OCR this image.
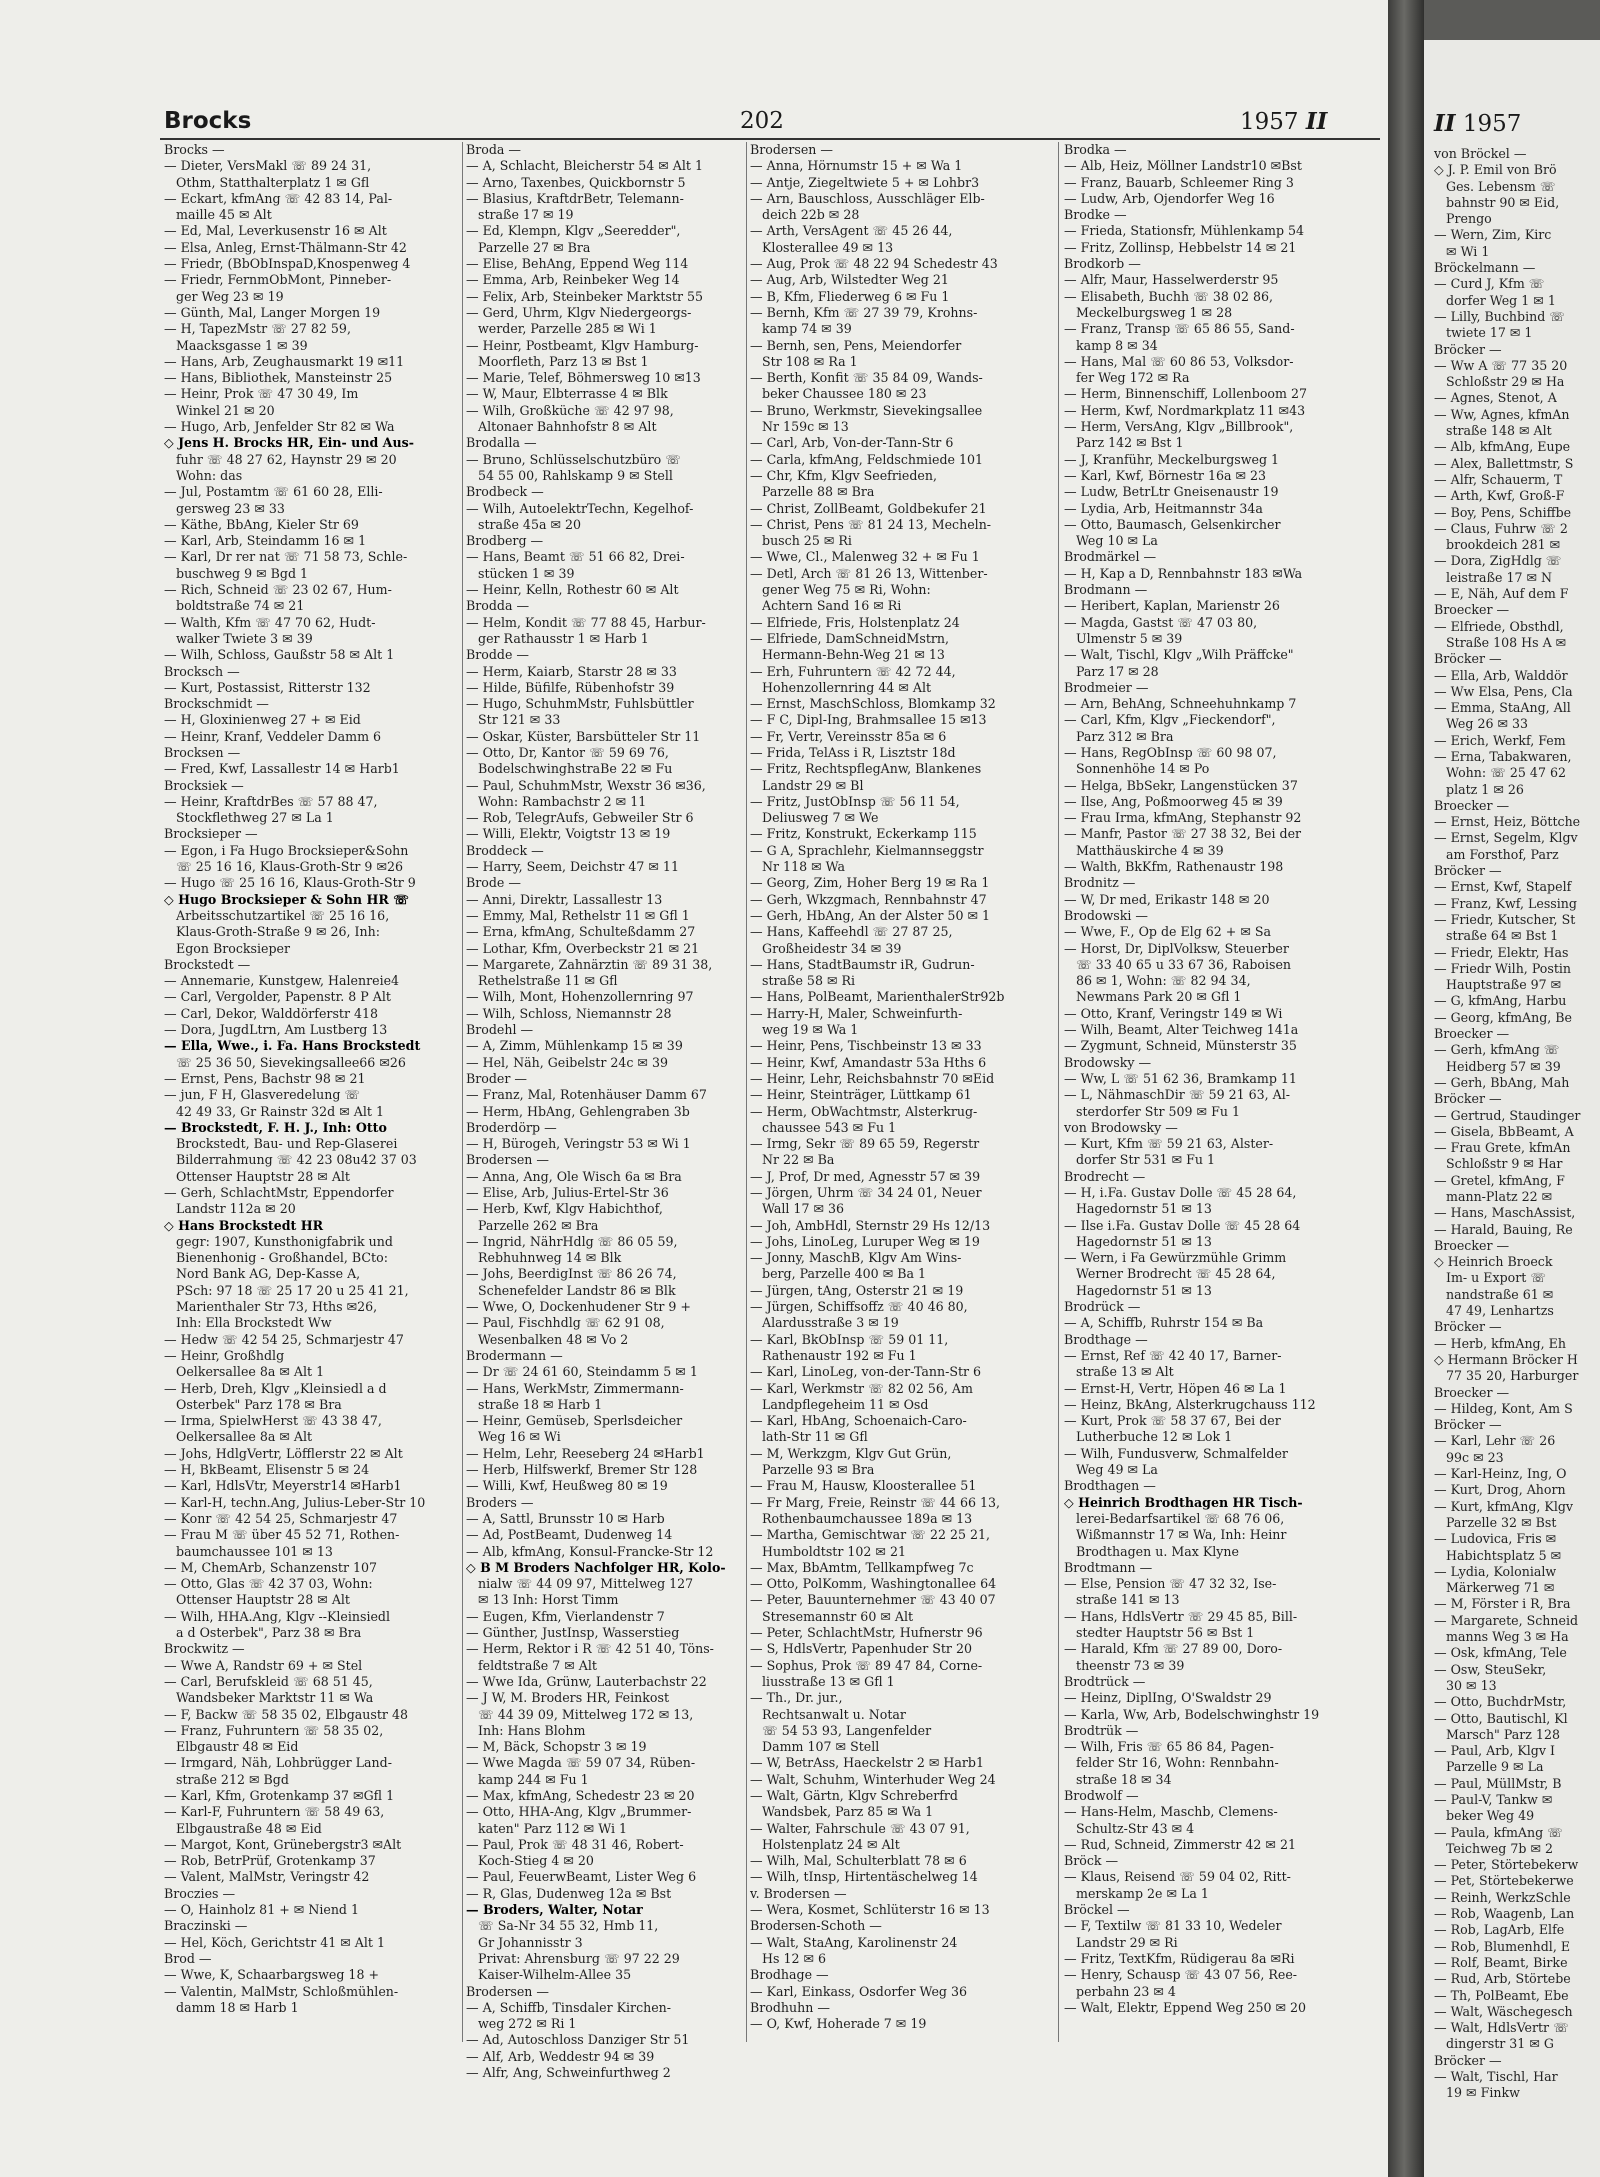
Brocks	202	1957 II
Brocks —
— Dieter, VersMakl ☏ 89 24 31,
Othm, Statthalterplatz 1 ✉ Gfl
— Eckart, kfmAng ☏ 42 83 14, Pal-
maille 45 ✉ Alt
— Ed, Mal, Leverkusenstr 16 ✉ Alt
— Elsa, Anleg, Ernst-Thälmann-Str 42
— Friedr, (BbObInspaD,Knospenweg 4
— Friedr, FernmObMont, Pinneber-
ger Weg 23 ✉ 19
— Günth, Mal, Langer Morgen 19
— H, TapezMstr ☏ 27 82 59,
Maacksgasse 1 ✉ 39
— Hans, Arb, Zeughausmarkt 19 ✉11
— Hans, Bibliothek, Mansteinstr 25
— Heinr, Prok ☏ 47 30 49, Im
Winkel 21 ✉ 20
— Hugo, Arb, Jenfelder Str 82 ✉ Wa
◇ Jens H. Brocks HR, Ein- und Aus-
fuhr ☏ 48 27 62, Haynstr 29 ✉ 20
Wohn: das
— Jul, Postamtm ☏ 61 60 28, Elli-
gersweg 23 ✉ 33
— Käthe, BbAng, Kieler Str 69
— Karl, Arb, Steindamm 16 ✉ 1
— Karl, Dr rer nat ☏ 71 58 73, Schle-
buschweg 9 ✉ Bgd 1
— Rich, Schneid ☏ 23 02 67, Hum-
boldtstraße 74 ✉ 21
— Walth, Kfm ☏ 47 70 62, Hudt-
walker Twiete 3 ✉ 39
— Wilh, Schloss, Gaußstr 58 ✉ Alt 1
Brocksch —
— Kurt, Postassist, Ritterstr 132
Brockschmidt —
— H, Gloxinienweg 27 + ✉ Eid
— Heinr, Kranf, Veddeler Damm 6
Brocksen —
— Fred, Kwf, Lassallestr 14 ✉ Harb1
Brocksiek —
— Heinr, KraftdrBes ☏ 57 88 47,
Stockflethweg 27 ✉ La 1
Brocksieper —
— Egon, i Fa Hugo Brocksieper&Sohn
☏ 25 16 16, Klaus-Groth-Str 9 ✉26
— Hugo ☏ 25 16 16, Klaus-Groth-Str 9
◇ Hugo Brocksieper & Sohn HR ☏
Arbeitsschutzartikel ☏ 25 16 16,
Klaus-Groth-Straße 9 ✉ 26, Inh:
Egon Brocksieper
Brockstedt —
— Annemarie, Kunstgew, Halenreie4
— Carl, Vergolder, Papenstr. 8 P Alt
— Carl, Dekor, Walddörferstr 418
— Dora, JugdLtrn, Am Lustberg 13
— Ella, Wwe., i. Fa. Hans Brockstedt
☏ 25 36 50, Sievekingsallee66 ✉26
— Ernst, Pens, Bachstr 98 ✉ 21
— jun, F H, Glasveredelung ☏
42 49 33, Gr Rainstr 32d ✉ Alt 1
— Brockstedt, F. H. J., Inh: Otto
Brockstedt, Bau- und Rep-Glaserei
Bilderrahmung ☏ 42 23 08u42 37 03
Ottenser Hauptstr 28 ✉ Alt
— Gerh, SchlachtMstr, Eppendorfer
Landstr 112a ✉ 20
◇ Hans Brockstedt HR
gegr: 1907, Kunsthonigfabrik und
Bienenhonig - Großhandel, BCto:
Nord Bank AG, Dep-Kasse A,
PSch: 97 18 ☏ 25 17 20 u 25 41 21,
Marienthaler Str 73, Hths ✉26,
Inh: Ella Brockstedt Ww
— Hedw ☏ 42 54 25, Schmarjestr 47
— Heinr, Großhdlg
Oelkersallee 8a ✉ Alt 1
— Herb, Dreh, Klgv „Kleinsiedl a d
Osterbek" Parz 178 ✉ Bra
— Irma, SpielwHerst ☏ 43 38 47,
Oelkersallee 8a ✉ Alt
— Johs, HdlgVertr, Löfflerstr 22 ✉ Alt
— H, BkBeamt, Elisenstr 5 ✉ 24
— Karl, HdlsVtr, Meyerstr14 ✉Harb1
— Karl-H, techn.Ang, Julius-Leber-Str 10
— Konr ☏ 42 54 25, Schmarjestr 47
— Frau M ☏ über 45 52 71, Rothen-
baumchaussee 101 ✉ 13
— M, ChemArb, Schanzenstr 107
— Otto, Glas ☏ 42 37 03, Wohn:
Ottenser Hauptstr 28 ✉ Alt
— Wilh, HHA.Ang, Klgv --Kleinsiedl
a d Osterbek", Parz 38 ✉ Bra
Brockwitz —
— Wwe A, Randstr 69 + ✉ Stel
— Carl, Berufskleid ☏ 68 51 45,
Wandsbeker Marktstr 11 ✉ Wa
— F, Backw ☏ 58 35 02, Elbgaustr 48
— Franz, Fuhruntern ☏ 58 35 02,
Elbgaustr 48 ✉ Eid
— Irmgard, Näh, Lohbrügger Land-
straße 212 ✉ Bgd
— Karl, Kfm, Grotenkamp 37 ✉Gfl 1
— Karl-F, Fuhruntern ☏ 58 49 63,
Elbgaustraße 48 ✉ Eid
— Margot, Kont, Grünebergstr3 ✉Alt
— Rob, BetrPrüf, Grotenkamp 37
— Valent, MalMstr, Veringstr 42
Broczies —
— O, Hainholz 81 + ✉ Niend 1
Braczinski —
— Hel, Köch, Gerichtstr 41 ✉ Alt 1
Brod —
— Wwe, K, Schaarbargsweg 18 +
— Valentin, MalMstr, Schloßmühlen-
damm 18 ✉ Harb 1
Broda —
— A, Schlacht, Bleicherstr 54 ✉ Alt 1
— Arno, Taxenbes, Quickbornstr 5
— Blasius, KraftdrBetr, Telemann-
straße 17 ✉ 19
— Ed, Klempn, Klgv „Seeredder",
Parzelle 27 ✉ Bra
— Elise, BehAng, Eppend Weg 114
— Emma, Arb, Reinbeker Weg 14
— Felix, Arb, Steinbeker Marktstr 55
— Gerd, Uhrm, Klgv Niedergeorgs-
werder, Parzelle 285 ✉ Wi 1
— Heinr, Postbeamt, Klgv Hamburg-
Moorfleth, Parz 13 ✉ Bst 1
— Marie, Telef, Böhmersweg 10 ✉13
— W, Maur, Elbterrasse 4 ✉ Blk
— Wilh, Großküche ☏ 42 97 98,
Altonaer Bahnhofstr 8 ✉ Alt
Brodalla —
— Bruno, Schlüsselschutzbüro ☏
54 55 00, Rahlskamp 9 ✉ Stell
Brodbeck —
— Wilh, AutoelektrTechn, Kegelhof-
straße 45a ✉ 20
Brodberg —
— Hans, Beamt ☏ 51 66 82, Drei-
stücken 1 ✉ 39
— Heinr, Kelln, Rothestr 60 ✉ Alt
Brodda —
— Helm, Kondit ☏ 77 88 45, Harbur-
ger Rathausstr 1 ✉ Harb 1
Brodde —
— Herm, Kaiarb, Starstr 28 ✉ 33
— Hilde, Büfilfe, Rübenhofstr 39
— Hugo, SchuhmMstr, Fuhlsbüttler
Str 121 ✉ 33
— Oskar, Küster, Barsbütteler Str 11
— Otto, Dr, Kantor ☏ 59 69 76,
BodelschwinghstraBe 22 ✉ Fu
— Paul, SchuhmMstr, Wexstr 36 ✉36,
Wohn: Rambachstr 2 ✉ 11
— Rob, TelegrAufs, Gebweiler Str 6
— Willi, Elektr, Voigtstr 13 ✉ 19
Broddeck —
— Harry, Seem, Deichstr 47 ✉ 11
Brode —
— Anni, Direktr, Lassallestr 13
— Emmy, Mal, Rethelstr 11 ✉ Gfl 1
— Erna, kfmAng, Schulteßdamm 27
— Lothar, Kfm, Overbeckstr 21 ✉ 21
— Margarete, Zahnärztin ☏ 89 31 38,
Rethelstraße 11 ✉ Gfl
— Wilh, Mont, Hohenzollernring 97
— Wilh, Schloss, Niemannstr 28
Brodehl —
— A, Zimm, Mühlenkamp 15 ✉ 39
— Hel, Näh, Geibelstr 24c ✉ 39
Broder —
— Franz, Mal, Rotenhäuser Damm 67
— Herm, HbAng, Gehlengraben 3b
Broderdörp —
— H, Bürogeh, Veringstr 53 ✉ Wi 1
Brodersen —
— Anna, Ang, Ole Wisch 6a ✉ Bra
— Elise, Arb, Julius-Ertel-Str 36
— Herb, Kwf, Klgv Habichthof,
Parzelle 262 ✉ Bra
— Ingrid, NährHdlg ☏ 86 05 59,
Rebhuhnweg 14 ✉ Blk
— Johs, BeerdigInst ☏ 86 26 74,
Schenefelder Landstr 86 ✉ Blk
— Wwe, O, Dockenhudener Str 9 +
— Paul, Fischhdlg ☏ 62 91 08,
Wesenbalken 48 ✉ Vo 2
Brodermann —
— Dr ☏ 24 61 60, Steindamm 5 ✉ 1
— Hans, WerkMstr, Zimmermann-
straße 18 ✉ Harb 1
— Heinr, Gemüseb, Sperlsdeicher
Weg 16 ✉ Wi
— Helm, Lehr, Reeseberg 24 ✉Harb1
— Herb, Hilfswerkf, Bremer Str 128
— Willi, Kwf, Heußweg 80 ✉ 19
Broders —
— A, Sattl, Brunsstr 10 ✉ Harb
— Ad, PostBeamt, Dudenweg 14
— Alb, kfmAng, Konsul-Francke-Str 12
◇ B M Broders Nachfolger HR, Kolo-
nialw ☏ 44 09 97, Mittelweg 127
✉ 13 Inh: Horst Timm
— Eugen, Kfm, Vierlandenstr 7
— Günther, JustInsp, Wasserstieg
— Herm, Rektor i R ☏ 42 51 40, Töns-
feldtstraße 7 ✉ Alt
— Wwe Ida, Grünw, Lauterbachstr 22
— J W, M. Broders HR, Feinkost
☏ 44 39 09, Mittelweg 172 ✉ 13,
Inh: Hans Blohm
— M, Bäck, Schopstr 3 ✉ 19
— Wwe Magda ☏ 59 07 34, Rüben-
kamp 244 ✉ Fu 1
— Max, kfmAng, Schedestr 23 ✉ 20
— Otto, HHA-Ang, Klgv „Brummer-
katen" Parz 112 ✉ Wi 1
— Paul, Prok ☏ 48 31 46, Robert-
Koch-Stieg 4 ✉ 20
— Paul, FeuerwBeamt, Lister Weg 6
— R, Glas, Dudenweg 12a ✉ Bst
— Broders, Walter, Notar
☏ Sa-Nr 34 55 32, Hmb 11,
Gr Johannisstr 3
Privat: Ahrensburg ☏ 97 22 29
Kaiser-Wilhelm-Allee 35
Brodersen —
— A, Schiffb, Tinsdaler Kirchen-
weg 272 ✉ Ri 1
— Ad, Autoschloss Danziger Str 51
— Alf, Arb, Weddestr 94 ✉ 39
— Alfr, Ang, Schweinfurthweg 2
Brodersen —
— Anna, Hörnumstr 15 + ✉ Wa 1
— Antje, Ziegeltwiete 5 + ✉ Lohbr3
— Arn, Bauschloss, Ausschläger Elb-
deich 22b ✉ 28
— Arth, VersAgent ☏ 45 26 44,
Klosterallee 49 ✉ 13
— Aug, Prok ☏ 48 22 94 Schedestr 43
— Aug, Arb, Wilstedter Weg 21
— B, Kfm, Fliederweg 6 ✉ Fu 1
— Bernh, Kfm ☏ 27 39 79, Krohns-
kamp 74 ✉ 39
— Bernh, sen, Pens, Meiendorfer
Str 108 ✉ Ra 1
— Berth, Konfit ☏ 35 84 09, Wands-
beker Chaussee 180 ✉ 23
— Bruno, Werkmstr, Sievekingsallee
Nr 159c ✉ 13
— Carl, Arb, Von-der-Tann-Str 6
— Carla, kfmAng, Feldschmiede 101
— Chr, Kfm, Klgv Seefrieden,
Parzelle 88 ✉ Bra
— Christ, ZollBeamt, Goldbekufer 21
— Christ, Pens ☏ 81 24 13, Mecheln-
busch 25 ✉ Ri
— Wwe, Cl., Malenweg 32 + ✉ Fu 1
— Detl, Arch ☏ 81 26 13, Wittenber-
gener Weg 75 ✉ Ri, Wohn:
Achtern Sand 16 ✉ Ri
— Elfriede, Fris, Holstenplatz 24
— Elfriede, DamSchneidMstrn,
Hermann-Behn-Weg 21 ✉ 13
— Erh, Fuhruntern ☏ 42 72 44,
Hohenzollernring 44 ✉ Alt
— Ernst, MaschSchloss, Blomkamp 32
— F C, Dipl-Ing, Brahmsallee 15 ✉13
— Fr, Vertr, Vereinsstr 85a ✉ 6
— Frida, TelAss i R, Lisztstr 18d
— Fritz, RechtspflegAnw, Blankenes
Landstr 29 ✉ Bl
— Fritz, JustObInsp ☏ 56 11 54,
Deliusweg 7 ✉ We
— Fritz, Konstrukt, Eckerkamp 115
— G A, Sprachlehr, Kielmannseggstr
Nr 118 ✉ Wa
— Georg, Zim, Hoher Berg 19 ✉ Ra 1
— Gerh, Wkzgmach, Rennbahnstr 47
— Gerh, HbAng, An der Alster 50 ✉ 1
— Hans, Kaffeehdl ☏ 27 87 25,
Großheidestr 34 ✉ 39
— Hans, StadtBaumstr iR, Gudrun-
straße 58 ✉ Ri
— Hans, PolBeamt, MarienthalerStr92b
— Harry-H, Maler, Schweinfurth-
weg 19 ✉ Wa 1
— Heinr, Pens, Tischbeinstr 13 ✉ 33
— Heinr, Kwf, Amandastr 53a Hths 6
— Heinr, Lehr, Reichsbahnstr 70 ✉Eid
— Heinr, Steinträger, Lüttkamp 61
— Herm, ObWachtmstr, Alsterkrug-
chaussee 543 ✉ Fu 1
— Irmg, Sekr ☏ 89 65 59, Regerstr
Nr 22 ✉ Ba
— J, Prof, Dr med, Agnesstr 57 ✉ 39
— Jörgen, Uhrm ☏ 34 24 01, Neuer
Wall 17 ✉ 36
— Joh, AmbHdl, Sternstr 29 Hs 12/13
— Johs, LinoLeg, Luruper Weg ✉ 19
— Jonny, MaschB, Klgv Am Wins-
berg, Parzelle 400 ✉ Ba 1
— Jürgen, tAng, Osterstr 21 ✉ 19
— Jürgen, Schiffsoffz ☏ 40 46 80,
Alardusstraße 3 ✉ 19
— Karl, BkObInsp ☏ 59 01 11,
Rathenaustr 192 ✉ Fu 1
— Karl, LinoLeg, von-der-Tann-Str 6
— Karl, Werkmstr ☏ 82 02 56, Am
Landpflegeheim 11 ✉ Osd
— Karl, HbAng, Schoenaich-Caro-
lath-Str 11 ✉ Gfl
— M, Werkzgm, Klgv Gut Grün,
Parzelle 93 ✉ Bra
— Frau M, Hausw, Kloosterallee 51
— Fr Marg, Freie, Reinstr ☏ 44 66 13,
Rothenbaumchaussee 189a ✉ 13
— Martha, Gemischtwar ☏ 22 25 21,
Humboldtstr 102 ✉ 21
— Max, BbAmtm, Tellkampfweg 7c
— Otto, PolKomm, Washingtonallee 64
— Peter, Bauunternehmer ☏ 43 40 07
Stresemannstr 60 ✉ Alt
— Peter, SchlachtMstr, Hufnerstr 96
— S, HdlsVertr, Papenhuder Str 20
— Sophus, Prok ☏ 89 47 84, Corne-
liusstraße 13 ✉ Gfl 1
— Th., Dr. jur.,
Rechtsanwalt u. Notar
☏ 54 53 93, Langenfelder
Damm 107 ✉ Stell
— W, BetrAss, Haeckelstr 2 ✉ Harb1
— Walt, Schuhm, Winterhuder Weg 24
— Walt, Gärtn, Klgv Schreberfrd
Wandsbek, Parz 85 ✉ Wa 1
— Walter, Fahrschule ☏ 43 07 91,
Holstenplatz 24 ✉ Alt
— Wilh, Mal, Schulterblatt 78 ✉ 6
— Wilh, tInsp, Hirtentäschelweg 14
v. Brodersen —
— Wera, Kosmet, Schlüterstr 16 ✉ 13
Brodersen-Schoth —
— Walt, StaAng, Karolinenstr 24
Hs 12 ✉ 6
Brodhage —
— Karl, Einkass, Osdorfer Weg 36
Brodhuhn —
— O, Kwf, Hoherade 7 ✉ 19
Brodka —
— Alb, Heiz, Möllner Landstr10 ✉Bst
— Franz, Bauarb, Schleemer Ring 3
— Ludw, Arb, Ojendorfer Weg 16
Brodke —
— Frieda, Stationsfr, Mühlenkamp 54
— Fritz, Zollinsp, Hebbelstr 14 ✉ 21
Brodkorb —
— Alfr, Maur, Hasselwerderstr 95
— Elisabeth, Buchh ☏ 38 02 86,
Meckelburgsweg 1 ✉ 28
— Franz, Transp ☏ 65 86 55, Sand-
kamp 8 ✉ 34
— Hans, Mal ☏ 60 86 53, Volksdor-
fer Weg 172 ✉ Ra
— Herm, Binnenschiff, Lollenboom 27
— Herm, Kwf, Nordmarkplatz 11 ✉43
— Herm, VersAng, Klgv „Billbrook",
Parz 142 ✉ Bst 1
— J, Kranführ, Meckelburgsweg 1
— Karl, Kwf, Börnestr 16a ✉ 23
— Ludw, BetrLtr Gneisenaustr 19
— Lydia, Arb, Heitmannstr 34a
— Otto, Baumasch, Gelsenkircher
Weg 10 ✉ La
Brodmärkel —
— H, Kap a D, Rennbahnstr 183 ✉Wa
Brodmann —
— Heribert, Kaplan, Marienstr 26
— Magda, Gastst ☏ 47 03 80,
Ulmenstr 5 ✉ 39
— Walt, Tischl, Klgv „Wilh Präffcke"
Parz 17 ✉ 28
Brodmeier —
— Arn, BehAng, Schneehuhnkamp 7
— Carl, Kfm, Klgv „Fieckendorf",
Parz 312 ✉ Bra
— Hans, RegObInsp ☏ 60 98 07,
Sonnenhöhe 14 ✉ Po
— Helga, BbSekr, Langenstücken 37
— Ilse, Ang, Poßmoorweg 45 ✉ 39
— Frau Irma, kfmAng, Stephanstr 92
— Manfr, Pastor ☏ 27 38 32, Bei der
Matthäuskirche 4 ✉ 39
— Walth, BkKfm, Rathenaustr 198
Brodnitz —
— W, Dr med, Erikastr 148 ✉ 20
Brodowski —
— Wwe, F., Op de Elg 62 + ✉ Sa
— Horst, Dr, DiplVolksw, Steuerber
☏ 33 40 65 u 33 67 36, Raboisen
86 ✉ 1, Wohn: ☏ 82 94 34,
Newmans Park 20 ✉ Gfl 1
— Otto, Kranf, Veringstr 149 ✉ Wi
— Wilh, Beamt, Alter Teichweg 141a
— Zygmunt, Schneid, Münsterstr 35
Brodowsky —
— Ww, L ☏ 51 62 36, Bramkamp 11
— L, NähmaschDir ☏ 59 21 63, Al-
sterdorfer Str 509 ✉ Fu 1
von Brodowsky —
— Kurt, Kfm ☏ 59 21 63, Alster-
dorfer Str 531 ✉ Fu 1
Brodrecht —
— H, i.Fa. Gustav Dolle ☏ 45 28 64,
Hagedornstr 51 ✉ 13
— Ilse i.Fa. Gustav Dolle ☏ 45 28 64
Hagedornstr 51 ✉ 13
— Wern, i Fa Gewürzmühle Grimm
Werner Brodrecht ☏ 45 28 64,
Hagedornstr 51 ✉ 13
Brodrück —
— A, Schiffb, Ruhrstr 154 ✉ Ba
Brodthage —
— Ernst, Ref ☏ 42 40 17, Barner-
straße 13 ✉ Alt
— Ernst-H, Vertr, Höpen 46 ✉ La 1
— Heinz, BkAng, Alsterkrugchauss 112
— Kurt, Prok ☏ 58 37 67, Bei der
Lutherbuche 12 ✉ Lok 1
— Wilh, Fundusverw, Schmalfelder
Weg 49 ✉ La
Brodthagen —
◇ Heinrich Brodthagen HR Tisch-
lerei-Bedarfsartikel ☏ 68 76 06,
Wißmannstr 17 ✉ Wa, Inh: Heinr
Brodthagen u. Max Klyne
Brodtmann —
— Else, Pension ☏ 47 32 32, Ise-
straße 141 ✉ 13
— Hans, HdlsVertr ☏ 29 45 85, Bill-
stedter Hauptstr 56 ✉ Bst 1
— Harald, Kfm ☏ 27 89 00, Doro-
theenstr 73 ✉ 39
Brodtrück —
— Heinz, DiplIng, O'Swaldstr 29
— Karla, Ww, Arb, Bodelschwinghstr 19
Brodtrük —
— Wilh, Fris ☏ 65 86 84, Pagen-
felder Str 16, Wohn: Rennbahn-
straße 18 ✉ 34
Brodwolf —
— Hans-Helm, Maschb, Clemens-
Schultz-Str 43 ✉ 4
— Rud, Schneid, Zimmerstr 42 ✉ 21
Bröck —
— Klaus, Reisend ☏ 59 04 02, Ritt-
merskamp 2e ✉ La 1
Bröckel —
— F, Textilw ☏ 81 33 10, Wedeler
Landstr 29 ✉ Ri
— Fritz, TextKfm, Rüdigerau 8a ✉Ri
— Henry, Schausp ☏ 43 07 56, Ree-
perbahn 23 ✉ 4
— Walt, Elektr, Eppend Weg 250 ✉ 20
II 1957
von Bröckel —
◇ J. P. Emil von Brö
Ges. Lebensm ☏
bahnstr 90 ✉ Eid,
Prengo
— Wern, Zim, Kirc
✉ Wi 1
Bröckelmann —
— Curd J, Kfm ☏
dorfer Weg 1 ✉ 1
— Lilly, Buchbind ☏
twiete 17 ✉ 1
Bröcker —
— Ww A ☏ 77 35 20
Schloßstr 29 ✉ Ha
— Agnes, Stenot, A
— Ww, Agnes, kfmAn
straße 148 ✉ Alt
— Alb, kfmAng, Eupe
— Alex, Ballettmstr, S
— Alfr, Schauerm, T
— Arth, Kwf, Groß-F
— Boy, Pens, Schiffbe
— Claus, Fuhrw ☏ 2
brookdeich 281 ✉
— Dora, ZigHdlg ☏
leistraße 17 ✉ N
— E, Näh, Auf dem F
Broecker —
— Elfriede, Obsthdl,
Straße 108 Hs A ✉
Bröcker —
— Ella, Arb, Walddör
— Ww Elsa, Pens, Cla
— Emma, StaAng, All
Weg 26 ✉ 33
— Erich, Werkf, Fem
— Erna, Tabakwaren,
Wohn: ☏ 25 47 62
platz 1 ✉ 26
Broecker —
— Ernst, Heiz, Böttche
— Ernst, Segelm, Klgv
am Forsthof, Parz
Bröcker —
— Ernst, Kwf, Stapelf
— Franz, Kwf, Lessing
— Friedr, Kutscher, St
straße 64 ✉ Bst 1
— Friedr, Elektr, Has
— Friedr Wilh, Postin
Hauptstraße 97 ✉
— G, kfmAng, Harbu
— Georg, kfmAng, Be
Broecker —
— Gerh, kfmAng ☏
Heidberg 57 ✉ 39
— Gerh, BbAng, Mah
Bröcker —
— Gertrud, Staudinger
— Gisela, BbBeamt, A
— Frau Grete, kfmAn
Schloßstr 9 ✉ Har
— Gretel, kfmAng, F
mann-Platz 22 ✉
— Hans, MaschAssist,
— Harald, Bauing, Re
Broecker —
◇ Heinrich Broeck
Im- u Export ☏
nandstraße 61 ✉
47 49, Lenhartzs
Bröcker —
— Herb, kfmAng, Eh
◇ Hermann Bröcker H
77 35 20, Harburger
Broecker —
— Hildeg, Kont, Am S
Bröcker —
— Karl, Lehr ☏ 26
99c ✉ 23
— Karl-Heinz, Ing, O
— Kurt, Drog, Ahorn
— Kurt, kfmAng, Klgv
Parzelle 32 ✉ Bst
— Ludovica, Fris ✉
Habichtsplatz 5 ✉
— Lydia, Kolonialw
Märkerweg 71 ✉
— M, Förster i R, Bra
— Margarete, Schneid
manns Weg 3 ✉ Ha
— Osk, kfmAng, Tele
— Osw, SteuSekr,
30 ✉ 13
— Otto, BuchdrMstr,
— Otto, Bautischl, Kl
Marsch" Parz 128
— Paul, Arb, Klgv I
Parzelle 9 ✉ La
— Paul, MüllMstr, B
— Paul-V, Tankw ✉
beker Weg 49
— Paula, kfmAng ☏
Teichweg 7b ✉ 2
— Peter, Störtebekerw
— Pet, Störtebekerwe
— Reinh, WerkzSchle
— Rob, Waagenb, Lan
— Rob, LagArb, Elfe
— Rob, Blumenhdl, E
— Rolf, Beamt, Birke
— Rud, Arb, Störtebe
— Th, PolBeamt, Ebe
— Walt, Wäschegesch
— Walt, HdlsVertr ☏
dingerstr 31 ✉ G
Bröcker —
— Walt, Tischl, Har
19 ✉ Finkw
